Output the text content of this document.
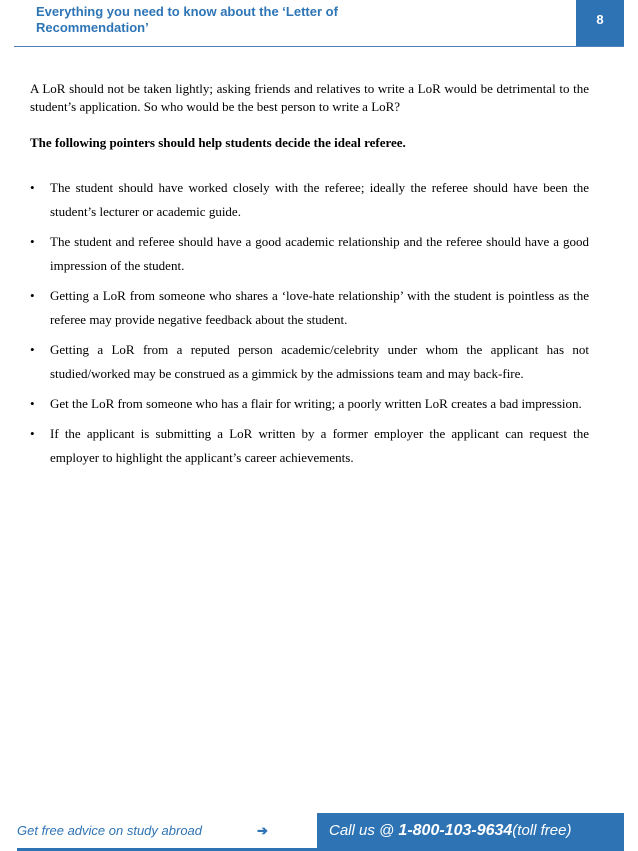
Everything you need to know about the ‘Letter of Recommendation’
8

A LoR should not be taken lightly; asking friends and relatives to write a LoR would be detrimental to the student’s application. So who would be the best person to write a LoR?

The following pointers should help students decide the ideal referee.

• The student should have worked closely with the referee; ideally the referee should have been the student’s lecturer or academic guide.
• The student and referee should have a good academic relationship and the referee should have a good impression of the student.
• Getting a LoR from someone who shares a ‘love-hate relationship’ with the student is pointless as the referee may provide negative feedback about the student.
• Getting a LoR from a reputed person academic/celebrity under whom the applicant has not studied/worked may be construed as a gimmick by the admissions team and may back-fire.
• Get the LoR from someone who has a flair for writing; a poorly written LoR creates a bad impression.
• If the applicant is submitting a LoR written by a former employer the applicant can request the employer to highlight the applicant’s career achievements.
Get free advice on study abroad	➔	Call us @ 1-800-103-9634(toll free)
